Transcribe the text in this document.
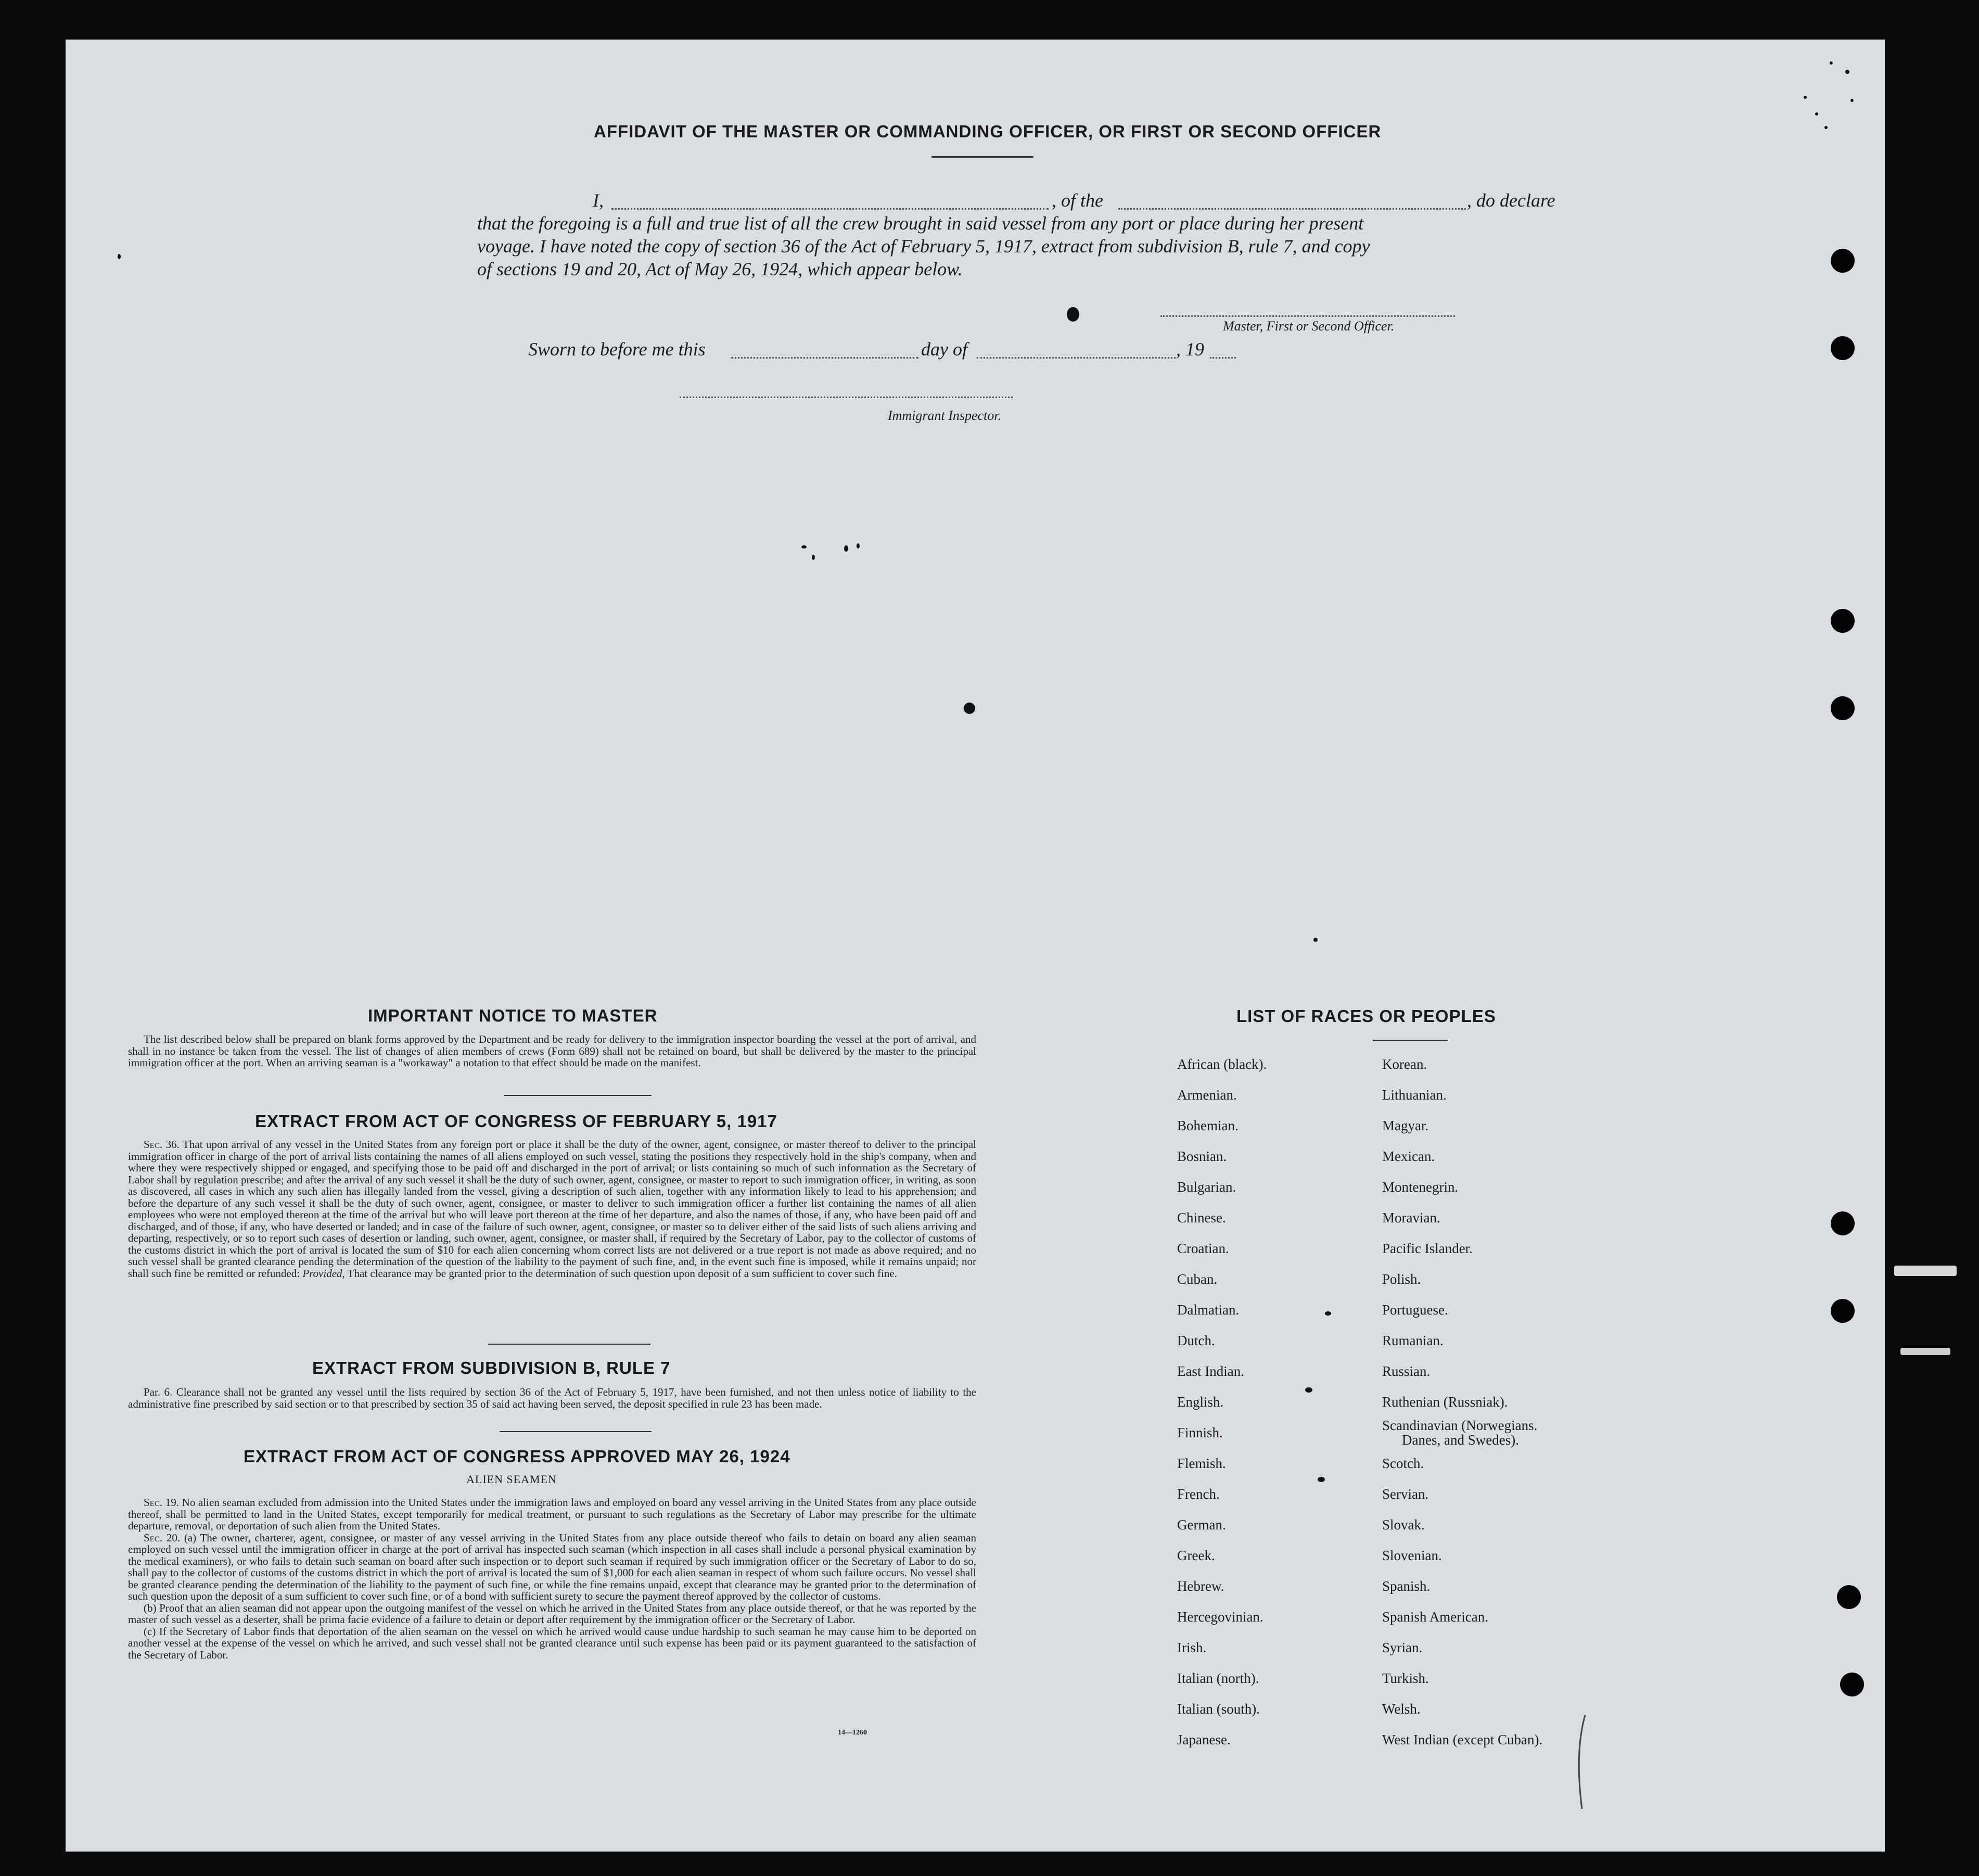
AFFIDAVIT OF THE MASTER OR COMMANDING OFFICER, OR FIRST OR SECOND OFFICER
I,	, of the	, do declare
that the foregoing is a full and true list of all the crew brought in said vessel from any port or place during her present
voyage. I have noted the copy of section 36 of the Act of February 5, 1917, extract from subdivision B, rule 7, and copy
of sections 19 and 20, Act of May 26, 1924, which appear below.
Master, First or Second Officer.
Sworn to before me this	day of	, 19
Immigrant Inspector.
IMPORTANT NOTICE TO MASTER

The list described below shall be prepared on blank forms approved by the Department and be ready for delivery to the immigration inspector boarding the vessel at the port of arrival, and shall in no instance be taken from the vessel. The list of changes of alien members of crews (Form 689) shall not be retained on board, but shall be delivered by the master to the principal immigration officer at the port. When an arriving seaman is a "workaway" a notation to that effect should be made on the manifest.

EXTRACT FROM ACT OF CONGRESS OF FEBRUARY 5, 1917

Sec. 36. That upon arrival of any vessel in the United States from any foreign port or place it shall be the duty of the owner, agent, consignee, or master thereof to deliver to the principal immigration officer in charge of the port of arrival lists containing the names of all aliens employed on such vessel, stating the positions they respectively hold in the ship's company, when and where they were respectively shipped or engaged, and specifying those to be paid off and discharged in the port of arrival; or lists containing so much of such information as the Secretary of Labor shall by regulation prescribe; and after the arrival of any such vessel it shall be the duty of such owner, agent, consignee, or master to report to such immigration officer, in writing, as soon as discovered, all cases in which any such alien has illegally landed from the vessel, giving a description of such alien, together with any information likely to lead to his apprehension; and before the departure of any such vessel it shall be the duty of such owner, agent, consignee, or master to deliver to such immigration officer a further list containing the names of all alien employees who were not employed thereon at the time of the arrival but who will leave port thereon at the time of her departure, and also the names of those, if any, who have been paid off and discharged, and of those, if any, who have deserted or landed; and in case of the failure of such owner, agent, consignee, or master so to deliver either of the said lists of such aliens arriving and departing, respectively, or so to report such cases of desertion or landing, such owner, agent, consignee, or master shall, if required by the Secretary of Labor, pay to the collector of customs of the customs district in which the port of arrival is located the sum of $10 for each alien concerning whom correct lists are not delivered or a true report is not made as above required; and no such vessel shall be granted clearance pending the determination of the question of the liability to the payment of such fine, and, in the event such fine is imposed, while it remains unpaid; nor shall such fine be remitted or refunded: Provided, That clearance may be granted prior to the determination of such question upon deposit of a sum sufficient to cover such fine.

EXTRACT FROM SUBDIVISION B, RULE 7

Par. 6. Clearance shall not be granted any vessel until the lists required by section 36 of the Act of February 5, 1917, have been furnished, and not then unless notice of liability to the administrative fine prescribed by said section or to that prescribed by section 35 of said act having been served, the deposit specified in rule 23 has been made.

EXTRACT FROM ACT OF CONGRESS APPROVED MAY 26, 1924
ALIEN SEAMEN

Sec. 19. No alien seaman excluded from admission into the United States under the immigration laws and employed on board any vessel arriving in the United States from any place outside thereof, shall be permitted to land in the United States, except temporarily for medical treatment, or pursuant to such regulations as the Secretary of Labor may prescribe for the ultimate departure, removal, or deportation of such alien from the United States.

Sec. 20. (a) The owner, charterer, agent, consignee, or master of any vessel arriving in the United States from any place outside thereof who fails to detain on board any alien seaman employed on such vessel until the immigration officer in charge at the port of arrival has inspected such seaman (which inspection in all cases shall include a personal physical examination by the medical examiners), or who fails to detain such seaman on board after such inspection or to deport such seaman if required by such immigration officer or the Secretary of Labor to do so, shall pay to the collector of customs of the customs district in which the port of arrival is located the sum of $1,000 for each alien seaman in respect of whom such failure occurs. No vessel shall be granted clearance pending the determination of the liability to the payment of such fine, or while the fine remains unpaid, except that clearance may be granted prior to the determination of such question upon the deposit of a sum sufficient to cover such fine, or of a bond with sufficient surety to secure the payment thereof approved by the collector of customs.

(b) Proof that an alien seaman did not appear upon the outgoing manifest of the vessel on which he arrived in the United States from any place outside thereof, or that he was reported by the master of such vessel as a deserter, shall be prima facie evidence of a failure to detain or deport after requirement by the immigration officer or the Secretary of Labor.

(c) If the Secretary of Labor finds that deportation of the alien seaman on the vessel on which he arrived would cause undue hardship to such seaman he may cause him to be deported on another vessel at the expense of the vessel on which he arrived, and such vessel shall not be granted clearance until such expense has been paid or its payment guaranteed to the satisfaction of the Secretary of Labor.

14—1260
LIST OF RACES OR PEOPLES
African (black).
Armenian.
Bohemian.
Bosnian.
Bulgarian.
Chinese.
Croatian.
Cuban.
Dalmatian.
Dutch.
East Indian.
English.
Finnish.
Flemish.
French.
German.
Greek.
Hebrew.
Hercegovinian.
Irish.
Italian (north).
Italian (south).
Japanese.
Korean.
Lithuanian.
Magyar.
Mexican.
Montenegrin.
Moravian.
Pacific Islander.
Polish.
Portuguese.
Rumanian.
Russian.
Ruthenian (Russniak).
Scandinavian (Norwegians.
Danes, and Swedes).
Scotch.
Servian.
Slovak.
Slovenian.
Spanish.
Spanish American.
Syrian.
Turkish.
Welsh.
West Indian (except Cuban).
